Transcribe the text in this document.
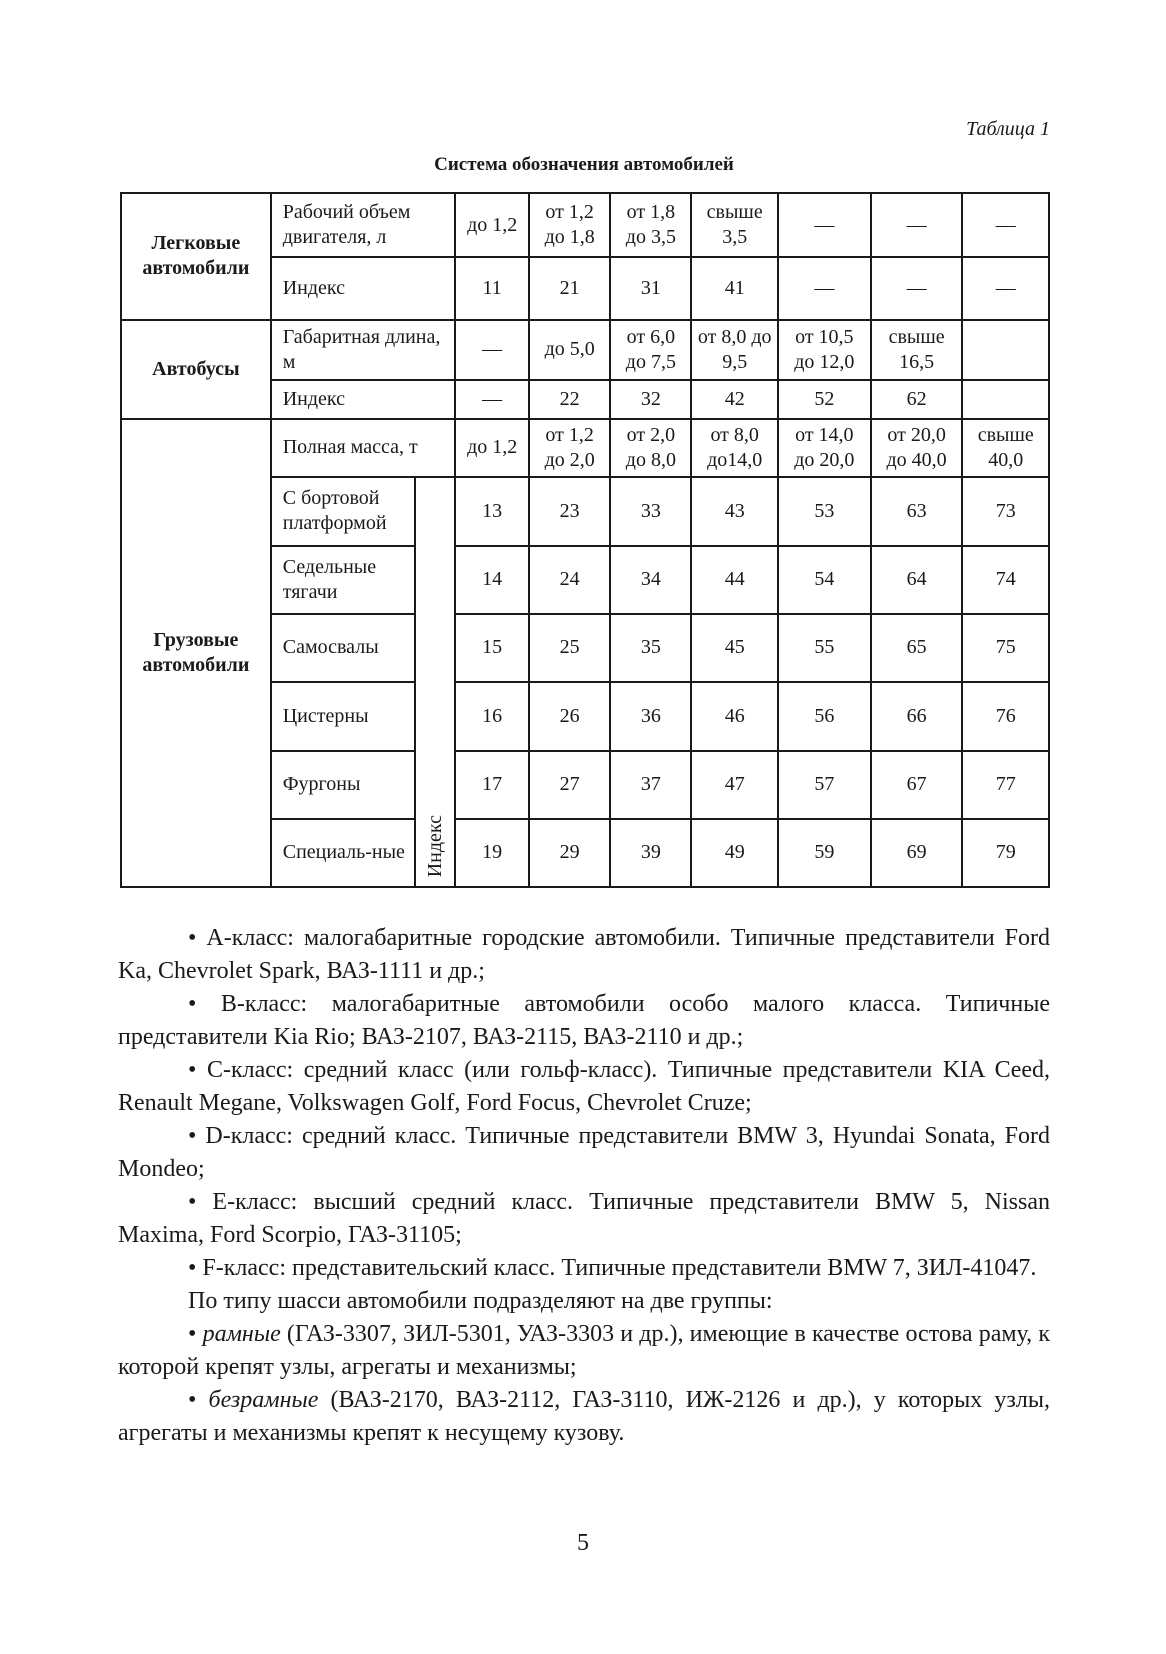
Таблица 1
Система обозначения автомобилей
Легковые автомобили	Рабочий объем двигателя, л		до 1,2	от 1,2 до 1,8	от 1,8 до 3,5	свыше 3,5	—	—	—
	Индекс		11	21	31	41	—	—	—
Автобусы	Габаритная длина, м		—	до 5,0	от 6,0 до 7,5	от 8,0 до 9,5	от 10,5 до 12,0	свыше 16,5	
	Индекс		—	22	32	42	52	62	
Грузовые автомобили	Полная масса, т		до 1,2	от 1,2 до 2,0	от 2,0 до 8,0	от 8,0 до14,0	от 14,0 до 20,0	от 20,0 до 40,0	свыше 40,0
	С бортовой платформой	Индекс	13	23	33	43	53	63	73
	Седельные тягачи		14	24	34	44	54	64	74
	Самосвалы		15	25	35	45	55	65	75
	Цистерны		16	26	36	46	56	66	76
	Фургоны		17	27	37	47	57	67	77
	Специаль-ные		19	29	39	49	59	69	79

• А-класс: малогабаритные городские автомобили. Типичные представители Ford Ka, Chevrolet Spark, ВАЗ-1111 и др.;

• В-класс: малогабаритные автомобили особо малого класса. Типичные представители Kia Rio; ВАЗ-2107, ВАЗ-2115, ВАЗ-2110 и др.;

• С-класс: средний класс (или гольф-класс). Типичные представители KIA Ceed, Renault Megane, Volkswagen Golf, Ford Focus, Chevrolet Cruze;

• D-класс: средний класс. Типичные представители BMW 3, Hyundai Sonata, Ford Mondeo;

• E-класс: высший средний класс. Типичные представители BMW 5, Nissan Maxima, Ford Scorpio, ГАЗ-31105;

• F-класс: представительский класс. Типичные представители BMW 7, ЗИЛ-41047.

По типу шасси автомобили подразделяют на две группы:

• рамные (ГАЗ-3307, ЗИЛ-5301, УАЗ-3303 и др.), имеющие в качестве остова раму, к которой крепят узлы, агрегаты и механизмы;

• безрамные (ВАЗ-2170, ВАЗ-2112, ГАЗ-3110, ИЖ-2126 и др.), у которых узлы, агрегаты и механизмы крепят к несущему кузову.

5
